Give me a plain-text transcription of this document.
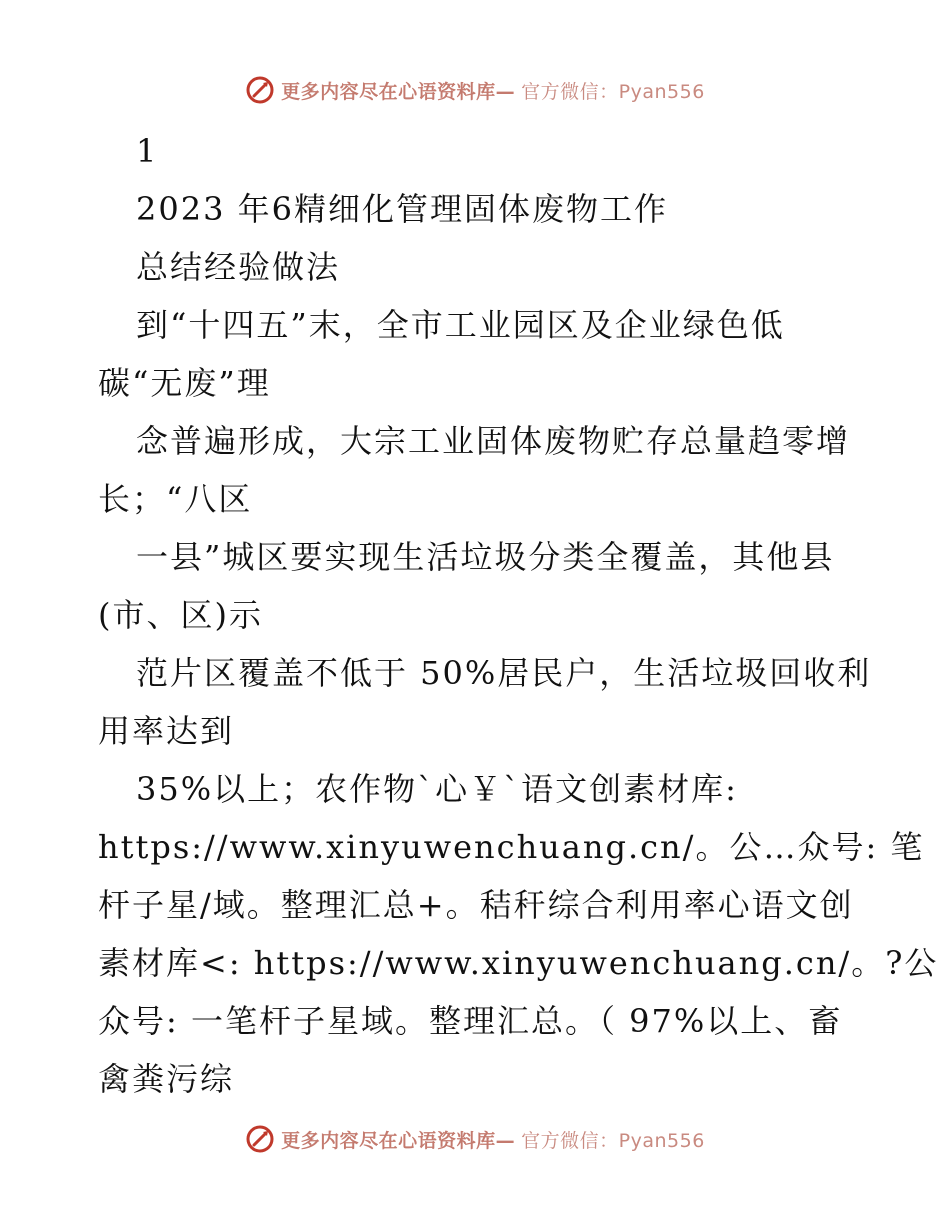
更多内容尽在心语资料库— 官方微信：Pyan556
1
2023 年6精细化管理固体废物工作
总结经验做法
到“十四五”末，全市工业园区及企业绿色低
碳“无废”理
念普遍形成，大宗工业固体废物贮存总量趋零增
长；“八区
一县”城区要实现生活垃圾分类全覆盖，其他县
(市、区)示
范片区覆盖不低于 50%居民户，生活垃圾回收利
用率达到
35%以上；农作物`心￥`语文创素材库:
https://www.xinyuwenchuang.cn/。公…众号: 笔
杆子星/域。整理汇总+。秸秆综合利用率心语文创
素材库<: https://www.xinyuwenchuang.cn/。?公
众号: 一笔杆子星域。整理汇总。（ 97%以上、畜
禽粪污综
更多内容尽在心语资料库— 官方微信：Pyan556
